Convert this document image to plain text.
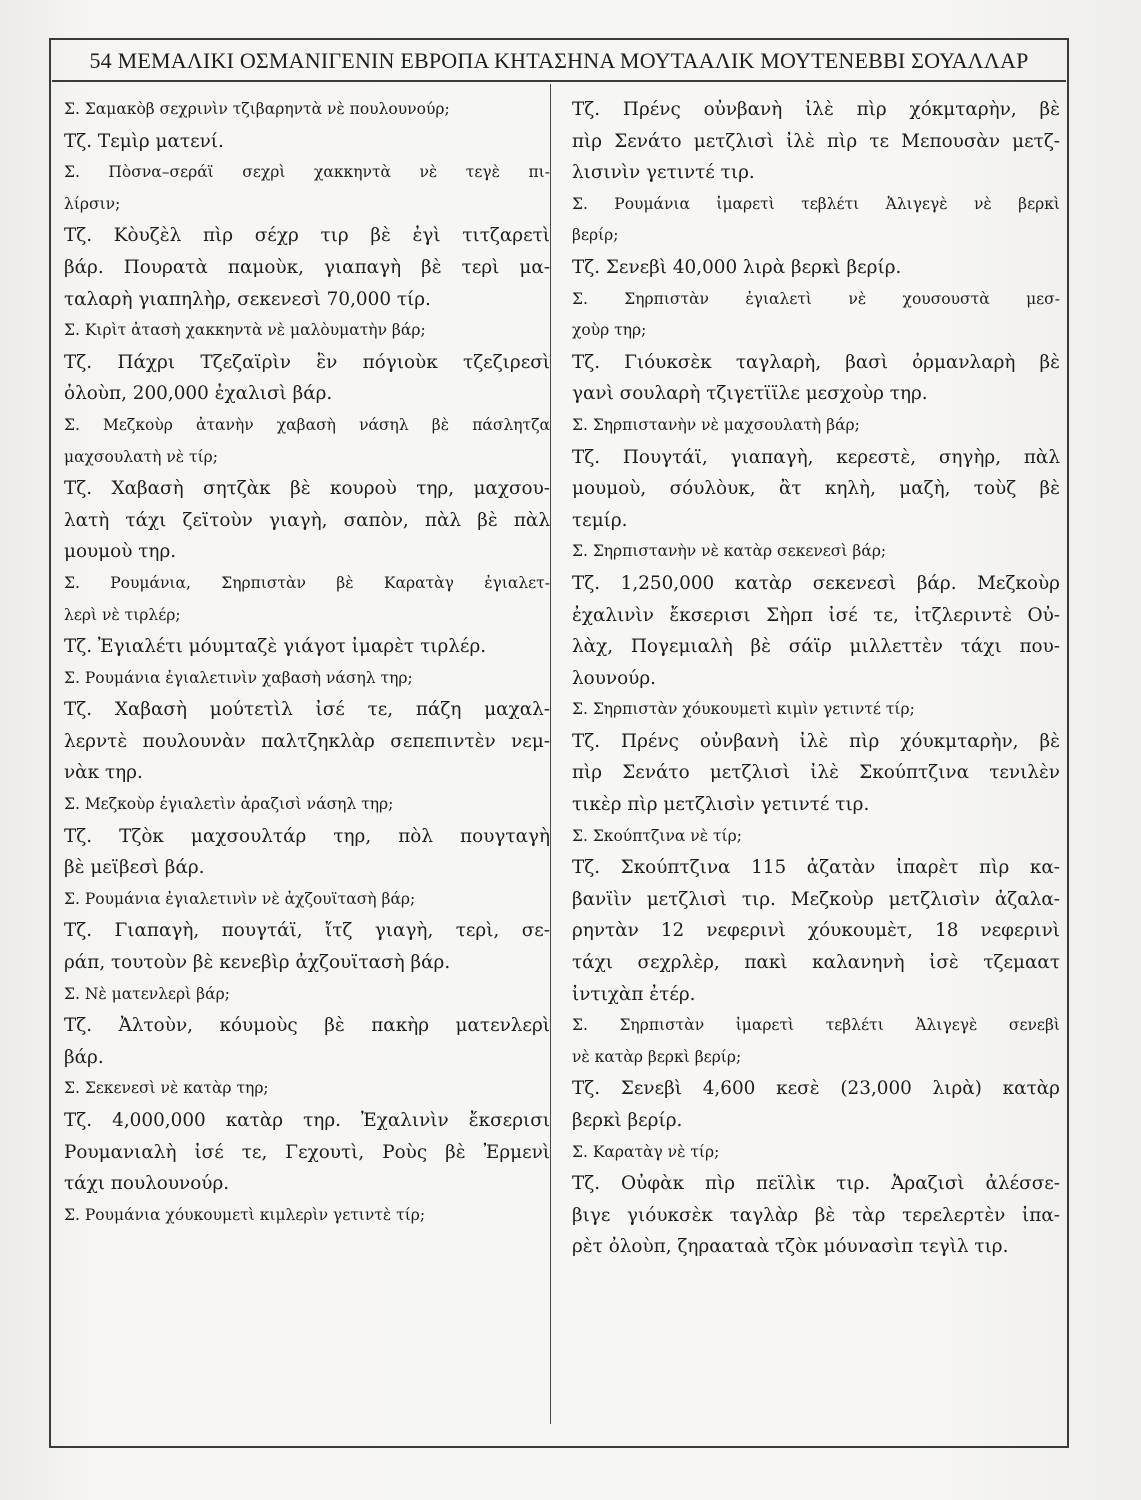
54 ΜΕΜΑΛΙΚΙ ΟΣΜΑΝΙΓΕΝΙΝ ΕΒΡΟΠΑ ΚΗΤΑΣΗΝΑ ΜΟΥΤΑΑΛΙΚ ΜΟΥΤΕΝΕΒΒΙ ΣΟΥΑΛΛΑΡ
Σ. Σαμακὸβ σεχρινὶν τζιβαρηντὰ νὲ πουλουνούρ;
Τζ. Τεμὶρ ματενί.
Σ. Πὸσνα–σεράϊ σεχρὶ χακκηντὰ νὲ τεγὲ πι-
λίρσιν;
Τζ. Κὸυζὲλ πὶρ σέχρ τιρ βὲ ἐγὶ τιτζαρετὶ
βάρ. Πουρατὰ παμοὺκ, γιαπαγὴ βὲ τερὶ μα-
ταλαρὴ γιαπηλὴρ, σεκενεσὶ 70,000 τίρ.
Σ. Κιρὶτ ἀτασὴ χακκηντὰ νὲ μαλὸυματὴν βάρ;
Τζ. Πάχρι Τζεζαϊρὶν ἒν πόγιοὺκ τζεζιρεσὶ
ὀλοὺπ, 200,000 ἐχαλισὶ βάρ.
Σ. Μεζκοὺρ ἀτανὴν χαβασὴ νάσηλ βὲ πάσλητζα
μαχσουλατὴ νὲ τίρ;
Τζ. Χαβασὴ σητζὰκ βὲ κουροὺ τηρ, μαχσου-
λατὴ τάχι ζεϊτοὺν γιαγὴ, σαπὸν, πὰλ βὲ πὰλ
μουμοὺ τηρ.
Σ. Ρουμάνια, Σηρπιστὰν βὲ Καρατὰγ ἐγιαλετ-
λερὶ νὲ τιρλέρ;
Τζ. Ἐγιαλέτι μόυμταζὲ γιάγοτ ἰμαρὲτ τιρλέρ.
Σ. Ρουμάνια ἐγιαλετινὶν χαβασὴ νάσηλ τηρ;
Τζ. Χαβασὴ μούτετὶλ ἰσέ τε, πάζη μαχαλ-
λερντὲ πουλουνὰν παλτζηκλὰρ σεπεπιντὲν νεμ-
νὰκ τηρ.
Σ. Μεζκοὺρ ἐγιαλετὶν ἀραζισὶ νάσηλ τηρ;
Τζ. Τζὸκ μαχσουλτάρ τηρ, πὸλ πουγταγὴ
βὲ μεϊβεσὶ βάρ.
Σ. Ρουμάνια ἐγιαλετινὶν νὲ ἀχζουϊτασὴ βάρ;
Τζ. Γιαπαγὴ, πουγτάϊ, ἴτζ γιαγὴ, τερὶ, σε-
ράπ, τουτοὺν βὲ κενεβὶρ ἀχζουϊτασὴ βάρ.
Σ. Νὲ ματενλερὶ βάρ;
Τζ. Ἀλτοὺν, κόυμοὺς βὲ πακὴρ ματενλερὶ
βάρ.
Σ. Σεκενεσὶ νὲ κατὰρ τηρ;
Τζ. 4,000,000 κατὰρ τηρ. Ἐχαλινὶν ἔκσερισι
Ρουμανιαλὴ ἰσέ τε, Γεχουτὶ, Ροὺς βὲ Ἐρμενὶ
τάχι πουλουνούρ.
Σ. Ρουμάνια χόυκουμετὶ κιμλερὶν γετιντὲ τίρ;
Τζ. Πρένς οὐνβανὴ ἰλὲ πὶρ χόκμταρὴν, βὲ
πὶρ Σενάτο μετζλισὶ ἰλὲ πὶρ τε Μεπουσὰν μετζ-
λισινὶν γετιντέ τιρ.
Σ. Ρουμάνια ἰμαρετὶ τεβλέτι Ἀλιγεγὲ νὲ βερκὶ
βερίρ;
Τζ. Σενεβὶ 40,000 λιρὰ βερκὶ βερίρ.
Σ. Σηρπιστὰν ἐγιαλετὶ νὲ χουσουστὰ μεσ-
χοὺρ τηρ;
Τζ. Γιόυκσὲκ ταγλαρὴ, βασὶ ὀρμανλαρὴ βὲ
γανὶ σουλαρὴ τζιγετϊϊλε μεσχοὺρ τηρ.
Σ. Σηρπιστανὴν νὲ μαχσουλατὴ βάρ;
Τζ. Πουγτάϊ, γιαπαγὴ, κερεστὲ, σηγὴρ, πὰλ
μουμοὺ, σόυλὸυκ, ἂτ κηλὴ, μαζὴ, τοὺζ βὲ
τεμίρ.
Σ. Σηρπιστανὴν νὲ κατὰρ σεκενεσὶ βάρ;
Τζ. 1,250,000 κατὰρ σεκενεσὶ βάρ. Μεζκοὺρ
ἐχαλινὶν ἔκσερισι Σὴρπ ἰσέ τε, ἰτζλεριντὲ Οὐ-
λὰχ, Πογεμιαλὴ βὲ σάϊρ μιλλεττὲν τάχι που-
λουνούρ.
Σ. Σηρπιστὰν χόυκουμετὶ κιμὶν γετιντέ τίρ;
Τζ. Πρένς οὐνβανὴ ἰλὲ πὶρ χόυκμταρὴν, βὲ
πὶρ Σενάτο μετζλισὶ ἰλὲ Σκούπτζινα τενιλὲν
τικὲρ πὶρ μετζλισὶν γετιντέ τιρ.
Σ. Σκούπτζινα νὲ τίρ;
Τζ. Σκούπτζινα 115 ἀζατὰν ἰπαρὲτ πὶρ κα-
βανϊὶν μετζλισὶ τιρ. Μεζκοὺρ μετζλισὶν ἀζαλα-
ρηντὰν 12 νεφερινὶ χόυκουμὲτ, 18 νεφερινὶ
τάχι σεχρλὲρ, πακὶ καλανηνὴ ἰσὲ τζεμαατ
ἰντιχὰπ ἐτέρ.
Σ. Σηρπιστὰν ἰμαρετὶ τεβλέτι Ἀλιγεγὲ σενεβὶ
νὲ κατὰρ βερκὶ βερίρ;
Τζ. Σενεβὶ 4,600 κεσὲ (23,000 λιρὰ) κατὰρ
βερκὶ βερίρ.
Σ. Καρατὰγ νὲ τίρ;
Τζ. Οὐφὰκ πὶρ πεϊλὶκ τιρ. Ἀραζισὶ ἀλέσσε-
βιγε γιόυκσὲκ ταγλὰρ βὲ τὰρ τερελερτὲν ἰπα-
ρὲτ ὀλοὺπ, ζηρααταὰ τζὸκ μόυνασὶπ τεγὶλ τιρ.
